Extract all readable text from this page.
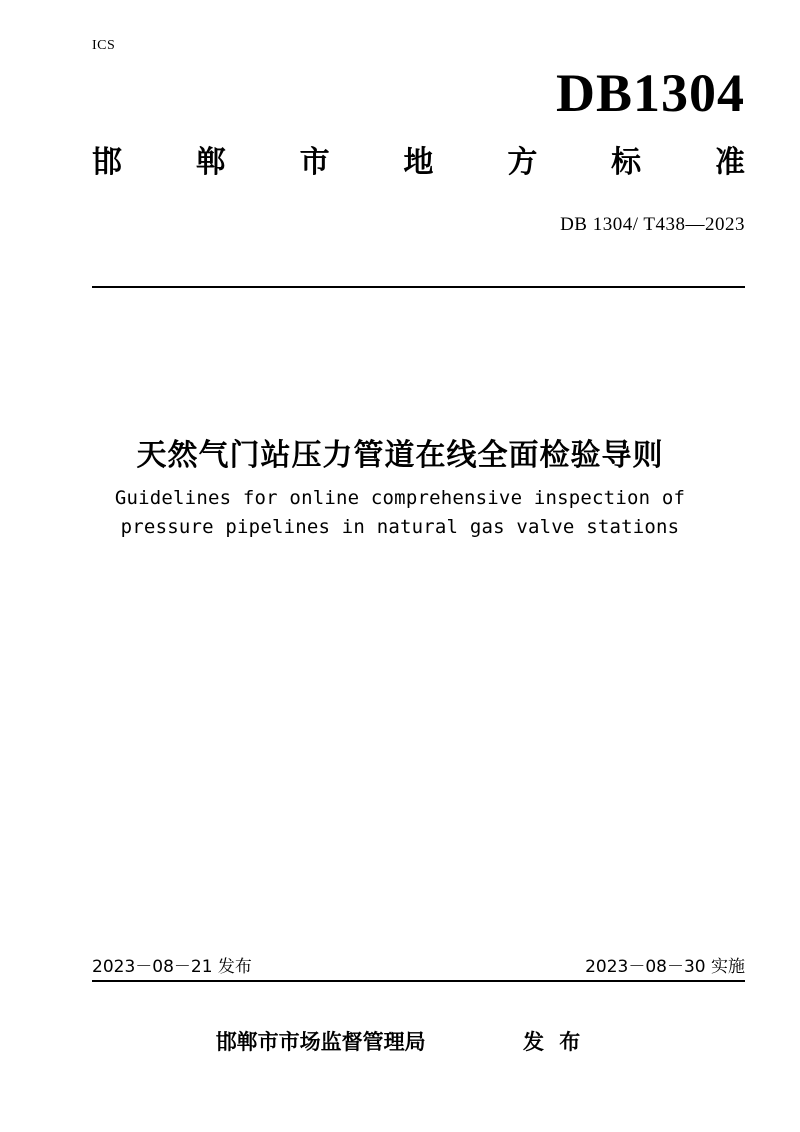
ICS
DB1304
邯 郸 市 地 方 标 准
DB 1304/ T438—2023
天然气门站压力管道在线全面检验导则
Guidelines for online comprehensive inspection of
pressure pipelines in natural gas valve stations
2023－08－21 发布	2023－08－30 实施
邯郸市市场监督管理局	发 布
